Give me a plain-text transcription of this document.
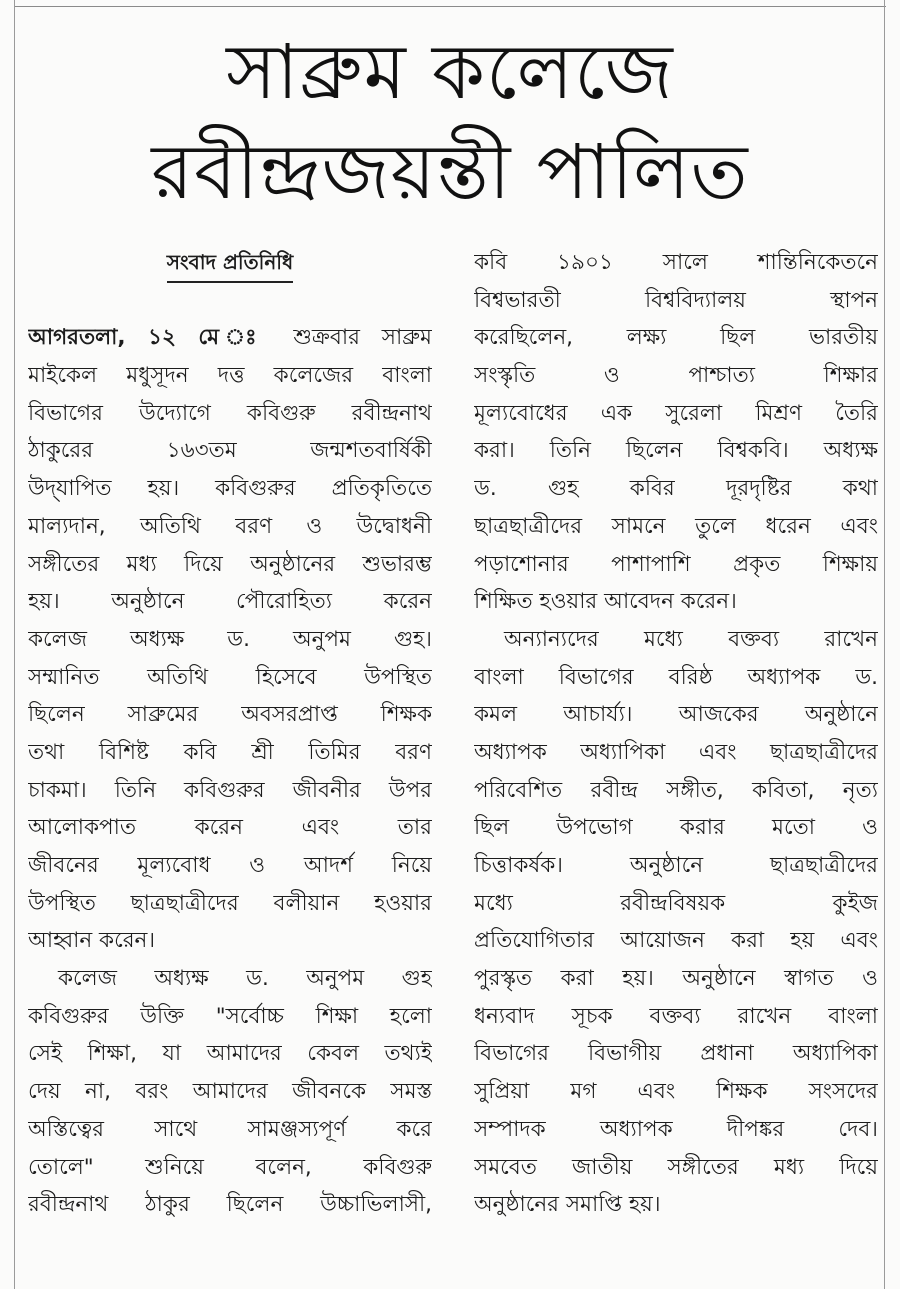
সাব্রুম কলেজে
রবীন্দ্রজয়ন্তী পালিত
সংবাদ প্রতিনিধি
আগরতলা, ১২ মে ঃ শুক্রবার সাব্রুম
মাইকেল মধুসূদন দত্ত কলেজের বাংলা
বিভাগের উদ্যোগে কবিগুরু রবীন্দ্রনাথ
ঠাকুরের ১৬৩তম জন্মশতবার্ষিকী
উদ্‌যাপিত হয়। কবিগুরুর প্রতিকৃতিতে
মাল্যদান, অতিথি বরণ ও উদ্বোধনী
সঙ্গীতের মধ্য দিয়ে অনুষ্ঠানের শুভারম্ভ
হয়। অনুষ্ঠানে পৌরোহিত্য করেন
কলেজ অধ্যক্ষ ড. অনুপম গুহ।
সম্মানিত অতিথি হিসেবে উপস্থিত
ছিলেন সাব্রুমের অবসরপ্রাপ্ত শিক্ষক
তথা বিশিষ্ট কবি শ্রী তিমির বরণ
চাকমা। তিনি কবিগুরুর জীবনীর উপর
আলোকপাত করেন এবং তার
জীবনের মূল্যবোধ ও আদর্শ নিয়ে
উপস্থিত ছাত্রছাত্রীদের বলীয়ান হওয়ার
আহ্বান করেন।
কলেজ অধ্যক্ষ ড. অনুপম গুহ
কবিগুরুর উক্তি "সর্বোচ্চ শিক্ষা হলো
সেই শিক্ষা, যা আমাদের কেবল তথ্যই
দেয় না, বরং আমাদের জীবনকে সমস্ত
অস্তিত্বের সাথে সামঞ্জস্যপূর্ণ করে
তোলে" শুনিয়ে বলেন, কবিগুরু
রবীন্দ্রনাথ ঠাকুর ছিলেন উচ্চাভিলাসী,
কবি ১৯০১ সালে শান্তিনিকেতনে
বিশ্বভারতী বিশ্ববিদ্যালয় স্থাপন
করেছিলেন, লক্ষ্য ছিল ভারতীয়
সংস্কৃতি ও পাশ্চাত্য শিক্ষার
মূল্যবোধের এক সুরেলা মিশ্রণ তৈরি
করা। তিনি ছিলেন বিশ্বকবি। অধ্যক্ষ
ড. গুহ কবির দূরদৃষ্টির কথা
ছাত্রছাত্রীদের সামনে তুলে ধরেন এবং
পড়াশোনার পাশাপাশি প্রকৃত শিক্ষায়
শিক্ষিত হওয়ার আবেদন করেন।
অন্যান্যদের মধ্যে বক্তব্য রাখেন
বাংলা বিভাগের বরিষ্ঠ অধ্যাপক ড.
কমল আচার্য্য। আজকের অনুষ্ঠানে
অধ্যাপক অধ্যাপিকা এবং ছাত্রছাত্রীদের
পরিবেশিত রবীন্দ্র সঙ্গীত, কবিতা, নৃত্য
ছিল উপভোগ করার মতো ও
চিত্তাকর্ষক। অনুষ্ঠানে ছাত্রছাত্রীদের
মধ্যে রবীন্দ্রবিষয়ক কুইজ
প্রতিযোগিতার আয়োজন করা হয় এবং
পুরস্কৃত করা হয়। অনুষ্ঠানে স্বাগত ও
ধন্যবাদ সূচক বক্তব্য রাখেন বাংলা
বিভাগের বিভাগীয় প্রধানা অধ্যাপিকা
সুপ্রিয়া মগ এবং শিক্ষক সংসদের
সম্পাদক অধ্যাপক দীপঙ্কর দেব।
সমবেত জাতীয় সঙ্গীতের মধ্য দিয়ে
অনুষ্ঠানের সমাপ্তি হয়।
